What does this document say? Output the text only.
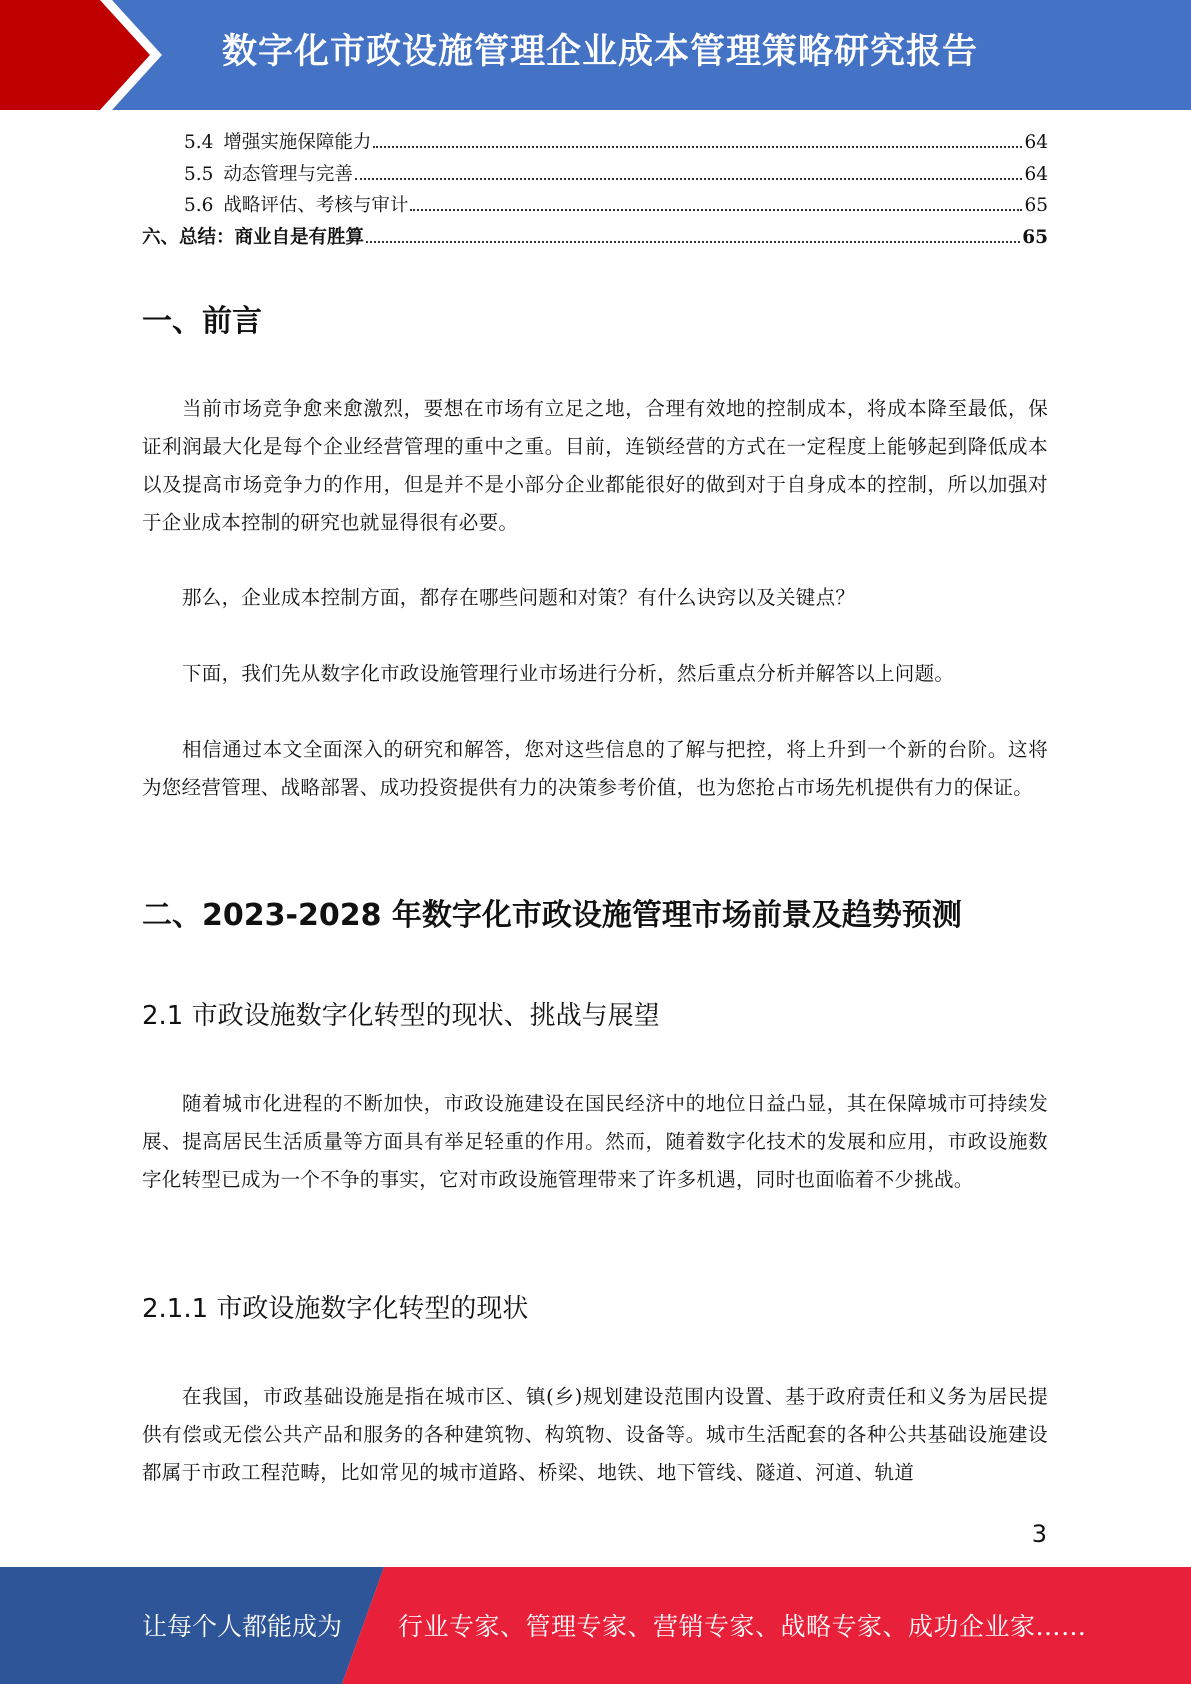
数字化市政设施管理企业成本管理策略研究报告
5.4 增强实施保障能力	64
5.5 动态管理与完善	64
5.6 战略评估、考核与审计	65
六、总结：商业自是有胜算	65
一、前言
当前市场竞争愈来愈激烈，要想在市场有立足之地，合理有效地的控制成本，将成本降至最低，保证利润最大化是每个企业经营管理的重中之重。目前，连锁经营的方式在一定程度上能够起到降低成本以及提高市场竞争力的作用，但是并不是小部分企业都能很好的做到对于自身成本的控制，所以加强对于企业成本控制的研究也就显得很有必要。
那么，企业成本控制方面，都存在哪些问题和对策？有什么诀窍以及关键点？
下面，我们先从数字化市政设施管理行业市场进行分析，然后重点分析并解答以上问题。
相信通过本文全面深入的研究和解答，您对这些信息的了解与把控，将上升到一个新的台阶。这将为您经营管理、战略部署、成功投资提供有力的决策参考价值，也为您抢占市场先机提供有力的保证。
二、2023-2028 年数字化市政设施管理市场前景及趋势预测
2.1 市政设施数字化转型的现状、挑战与展望
随着城市化进程的不断加快，市政设施建设在国民经济中的地位日益凸显，其在保障城市可持续发展、提高居民生活质量等方面具有举足轻重的作用。然而，随着数字化技术的发展和应用，市政设施数字化转型已成为一个不争的事实，它对市政设施管理带来了许多机遇，同时也面临着不少挑战。
2.1.1 市政设施数字化转型的现状
在我国，市政基础设施是指在城市区、镇(乡)规划建设范围内设置、基于政府责任和义务为居民提供有偿或无偿公共产品和服务的各种建筑物、构筑物、设备等。城市生活配套的各种公共基础设施建设都属于市政工程范畴，比如常见的城市道路、桥梁、地铁、地下管线、隧道、河道、轨道
3
让每个人都能成为 行业专家、管理专家、营销专家、战略专家、成功企业家……
